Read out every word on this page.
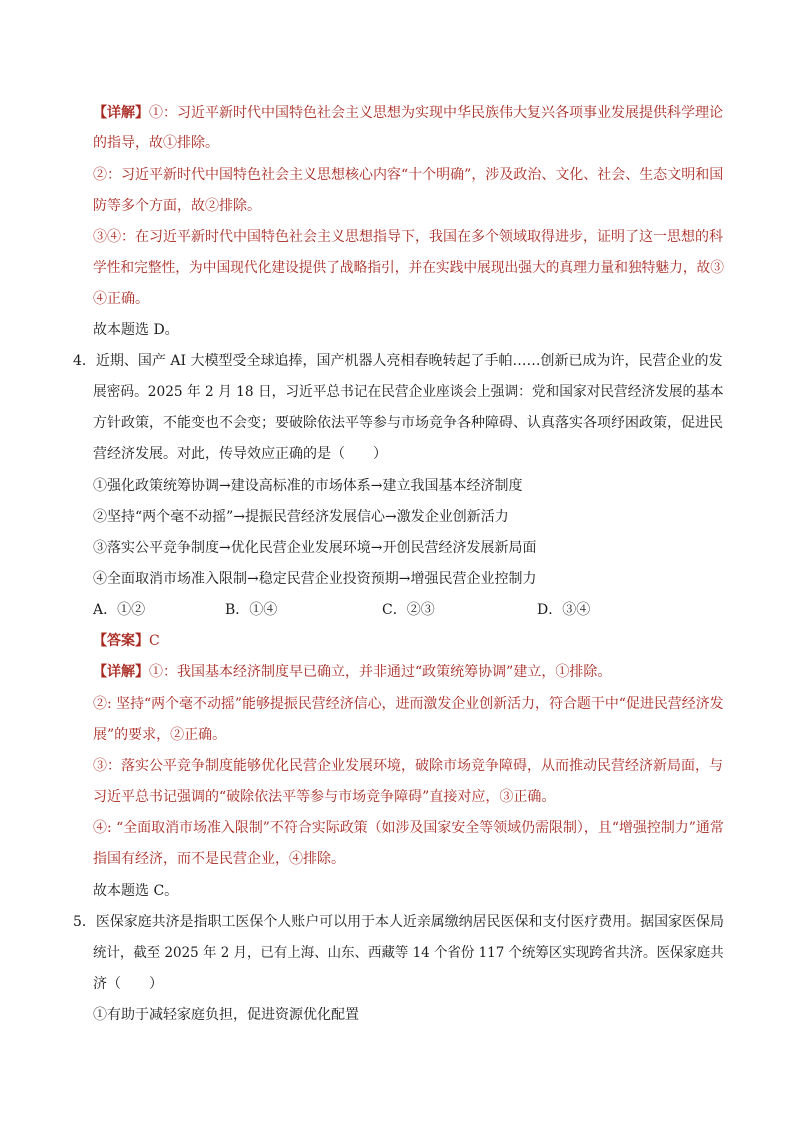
【详解】①：习近平新时代中国特色社会主义思想为实现中华民族伟大复兴各项事业发展提供科学理论
的指导，故①排除。
②：习近平新时代中国特色社会主义思想核心内容“十个明确”，涉及政治、文化、社会、生态文明和国
防等多个方面，故②排除。
③④：在习近平新时代中国特色社会主义思想指导下，我国在多个领域取得进步，证明了这一思想的科
学性和完整性，为中国现代化建设提供了战略指引，并在实践中展现出强大的真理力量和独特魅力，故③
④正确。
故本题选 D。
4．近期、国产 AI 大模型受全球追捧，国产机器人亮相春晚转起了手帕……创新已成为许，民营企业的发
展密码。2025 年 2 月 18 日，习近平总书记在民营企业座谈会上强调：党和国家对民营经济发展的基本
方针政策，不能变也不会变；要破除依法平等参与市场竞争各种障碍、认真落实各项纾困政策，促进民
营经济发展。对此，传导效应正确的是（　　）
①强化政策统筹协调→建设高标准的市场体系→建立我国基本经济制度
②坚持“两个毫不动摇”→提振民营经济发展信心→激发企业创新活力
③落实公平竞争制度→优化民营企业发展环境→开创民营经济发展新局面
④全面取消市场准入限制→稳定民营企业投资预期→增强民营企业控制力
A．①②	B．①④	C．②③	D．③④
【答案】C
【详解】①：我国基本经济制度早已确立，并非通过“政策统筹协调”建立，①排除。
②: 坚持“两个毫不动摇”能够提振民营经济信心，进而激发企业创新活力，符合题干中“促进民营经济发
展”的要求，②正确。
③：落实公平竞争制度能够优化民营企业发展环境，破除市场竞争障碍，从而推动民营经济新局面，与
习近平总书记强调的“破除依法平等参与市场竞争障碍”直接对应，③正确。
④: “全面取消市场准入限制”不符合实际政策（如涉及国家安全等领域仍需限制），且“增强控制力”通常
指国有经济，而不是民营企业，④排除。
故本题选 C。
5．医保家庭共济是指职工医保个人账户可以用于本人近亲属缴纳居民医保和支付医疗费用。据国家医保局
统计，截至 2025 年 2 月，已有上海、山东、西藏等 14 个省份 117 个统筹区实现跨省共济。医保家庭共
济（　　）
①有助于减轻家庭负担，促进资源优化配置
